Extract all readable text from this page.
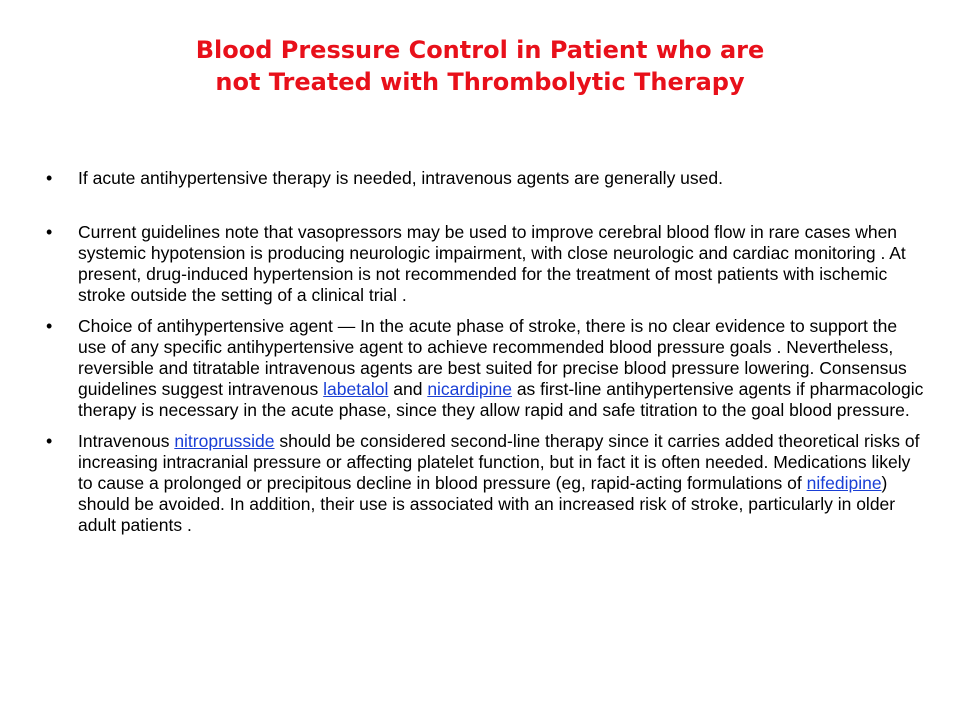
Blood Pressure Control in Patient who are
not Treated with Thrombolytic Therapy
•	If acute antihypertensive therapy is needed, intravenous agents are generally used.
•	Current guidelines note that vasopressors may be used to improve cerebral blood flow in rare cases when systemic hypotension is producing neurologic impairment, with close neurologic and cardiac monitoring . At present, drug-induced hypertension is not recommended for the treatment of most patients with ischemic stroke outside the setting of a clinical trial .
•	Choice of antihypertensive agent — In the acute phase of stroke, there is no clear evidence to support the use of any specific antihypertensive agent to achieve recommended blood pressure goals . Nevertheless, reversible and titratable intravenous agents are best suited for precise blood pressure lowering. Consensus guidelines suggest intravenous labetalol and nicardipine as first-line antihypertensive agents if pharmacologic therapy is necessary in the acute phase, since they allow rapid and safe titration to the goal blood pressure.
•	Intravenous nitroprusside should be considered second-line therapy since it carries added theoretical risks of increasing intracranial pressure or affecting platelet function, but in fact it is often needed. Medications likely to cause a prolonged or precipitous decline in blood pressure (eg, rapid-acting formulations of nifedipine) should be avoided. In addition, their use is associated with an increased risk of stroke, particularly in older adult patients .
